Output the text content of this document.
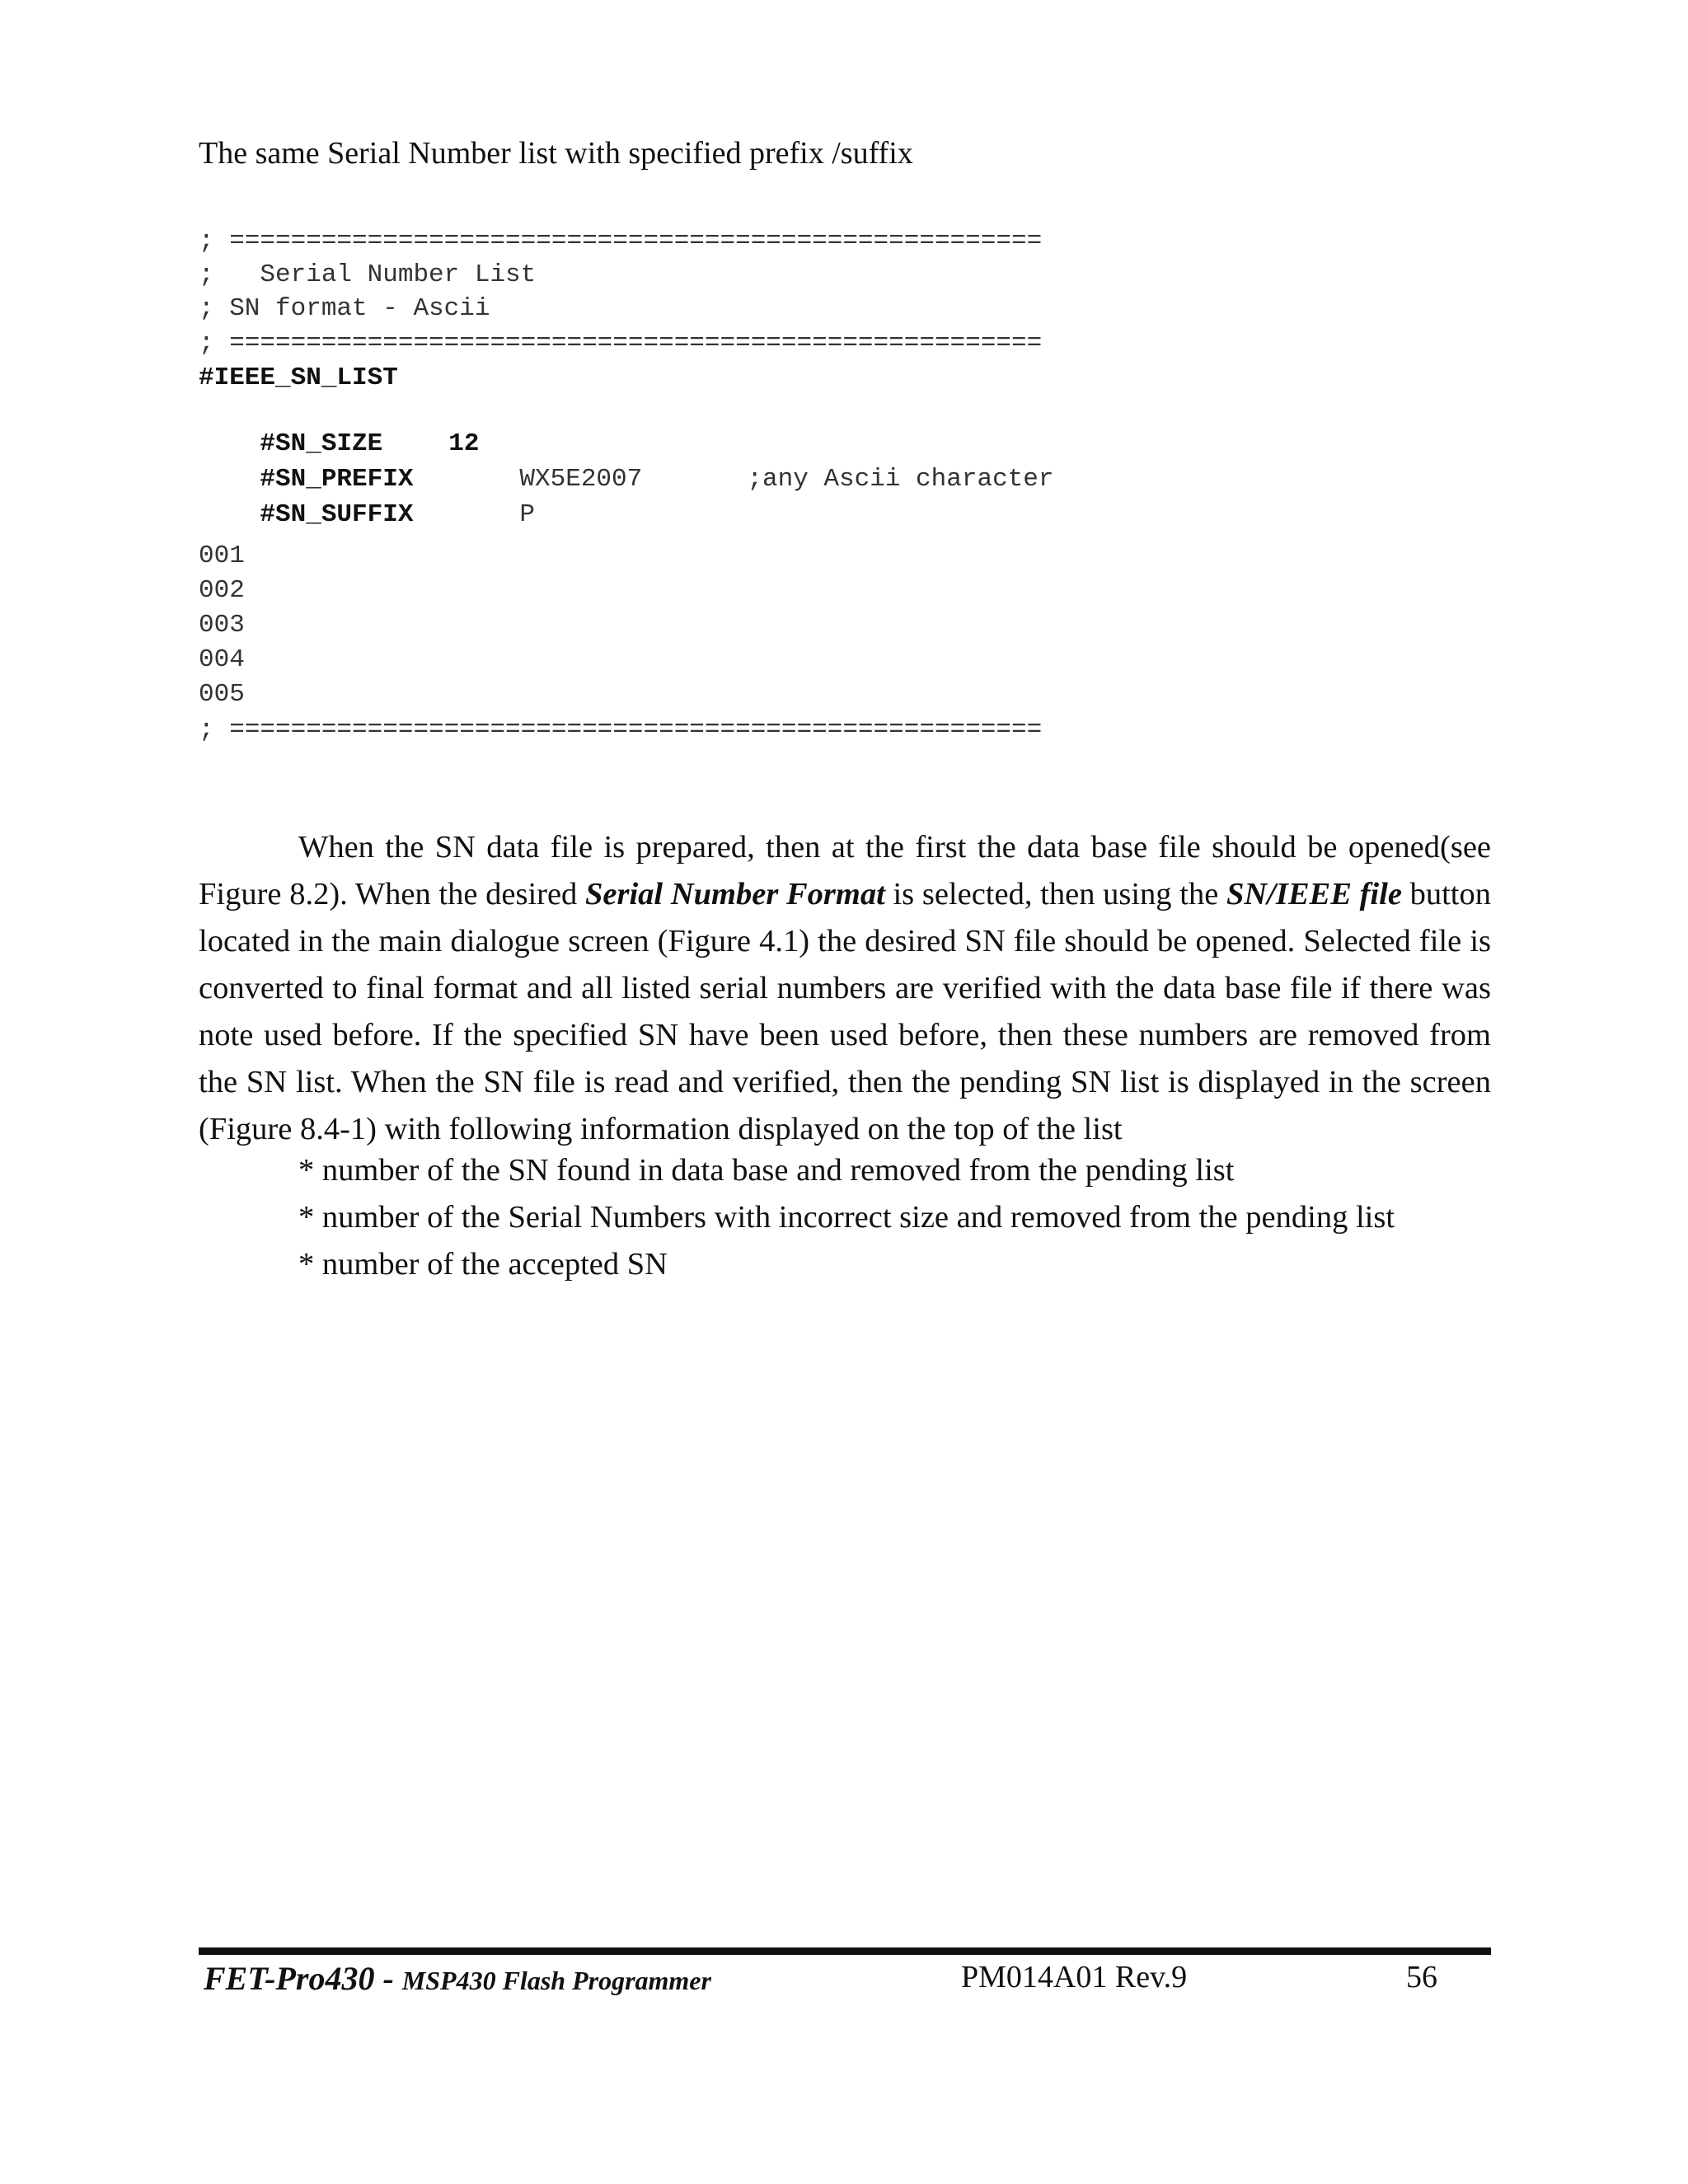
The same Serial Number list with specified prefix /suffix
; =====================================================
;   Serial Number List
; SN format - Ascii
; =====================================================
#IEEE_SN_LIST

#SN_SIZE	12

#SN_PREFIX	WX5E2007	;any Ascii character

#SN_SUFFIX	P

001
002
003
004
005
; =====================================================

When the SN data file is prepared, then at the first the data base file should be opened(see Figure 8.2). When the desired Serial Number Format is selected, then using the SN/IEEE file button located in the main dialogue screen (Figure 4.1) the desired SN file should be opened. Selected file is converted to final format and all listed serial numbers are verified with the data base file if there was note used before. If the specified SN have been used before, then these numbers are removed from the SN list. When the SN file is read and verified, then the pending SN list is displayed in the screen (Figure 8.4-1) with following information displayed on the top of the list

* number of the SN found in data base and removed from the pending list
* number of the Serial Numbers with incorrect size and removed from the pending list
* number of the accepted SN
FET-Pro430 - MSP430 Flash Programmer	PM014A01 Rev.9	56
